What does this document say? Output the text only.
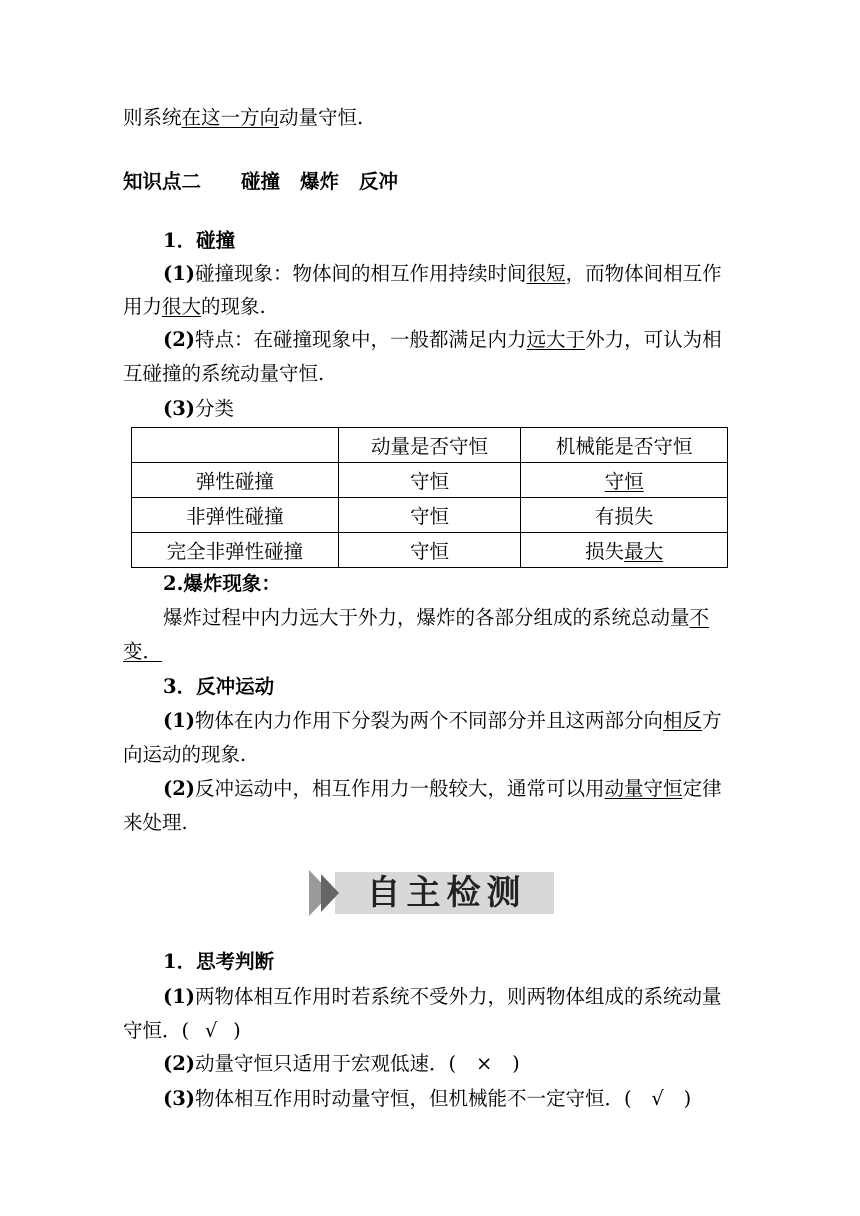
则系统在这一方向动量守恒.
知识点二 碰撞 爆炸 反冲
1．碰撞
(1)碰撞现象：物体间的相互作用持续时间很短，而物体间相互作
用力很大的现象.
(2)特点：在碰撞现象中，一般都满足内力远大于外力，可认为相
互碰撞的系统动量守恒.
(3)分类
	动量是否守恒	机械能是否守恒
弹性碰撞	守恒	守恒
非弹性碰撞	守恒	有损失
完全非弹性碰撞	守恒	损失最大
2.爆炸现象：
爆炸过程中内力远大于外力，爆炸的各部分组成的系统总动量不
变．
3．反冲运动
(1)物体在内力作用下分裂为两个不同部分并且这两部分向相反方
向运动的现象.
(2)反冲运动中，相互作用力一般较大，通常可以用动量守恒定律
来处理.
自主检测
1．思考判断
(1)两物体相互作用时若系统不受外力，则两物体组成的系统动量
守恒．( √ )
(2)动量守恒只适用于宏观低速．( × )
(3)物体相互作用时动量守恒，但机械能不一定守恒．( √ )
